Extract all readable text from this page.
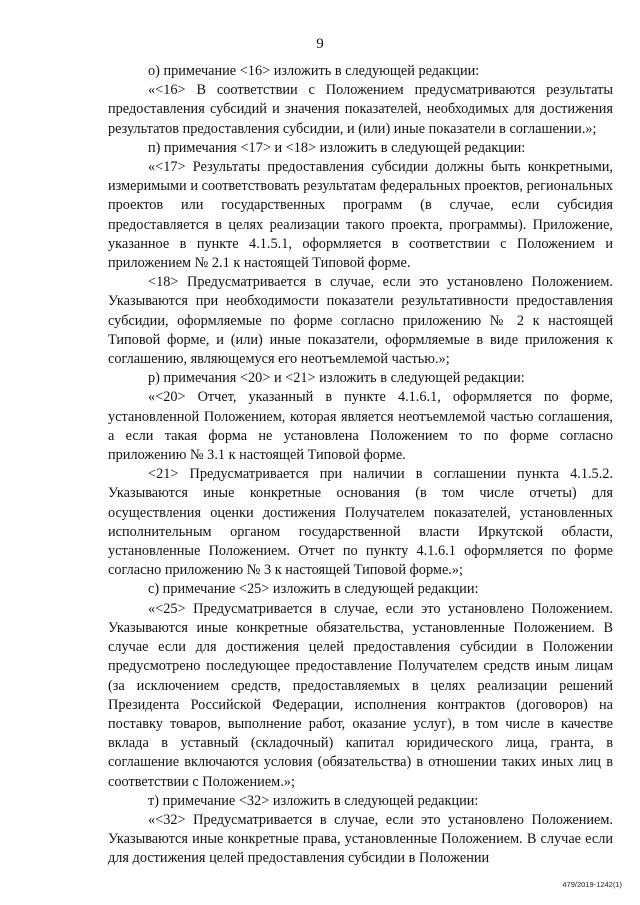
9

о) примечание <16> изложить в следующей редакции:

«<16> В соответствии с Положением предусматриваются результаты предоставления субсидий и значения показателей, необходимых для достижения результатов предоставления субсидии, и (или) иные показатели в соглашении.»;

п) примечания <17> и <18> изложить в следующей редакции:

«<17> Результаты предоставления субсидии должны быть конкретными, измеримыми и соответствовать результатам федеральных проектов, региональных проектов или государственных программ (в случае, если субсидия предоставляется в целях реализации такого проекта, программы). Приложение, указанное в пункте 4.1.5.1, оформляется в соответствии с Положением и приложением № 2.1 к настоящей Типовой форме.

<18> Предусматривается в случае, если это установлено Положением. Указываются при необходимости показатели результативности предоставления субсидии, оформляемые по форме согласно приложению № 2 к настоящей Типовой форме, и (или) иные показатели, оформляемые в виде приложения к соглашению, являющемуся его неотъемлемой частью.»;

р) примечания <20> и <21> изложить в следующей редакции:

«<20> Отчет, указанный в пункте 4.1.6.1, оформляется по форме, установленной Положением, которая является неотъемлемой частью соглашения, а если такая форма не установлена Положением то по форме согласно приложению № 3.1 к настоящей Типовой форме.

<21> Предусматривается при наличии в соглашении пункта 4.1.5.2. Указываются иные конкретные основания (в том числе отчеты) для осуществления оценки достижения Получателем показателей, установленных исполнительным органом государственной власти Иркутской области, установленные Положением. Отчет по пункту 4.1.6.1 оформляется по форме согласно приложению № 3 к настоящей Типовой форме.»;

с) примечание <25> изложить в следующей редакции:

«<25> Предусматривается в случае, если это установлено Положением. Указываются иные конкретные обязательства, установленные Положением. В случае если для достижения целей предоставления субсидии в Положении предусмотрено последующее предоставление Получателем средств иным лицам (за исключением средств, предоставляемых в целях реализации решений Президента Российской Федерации, исполнения контрактов (договоров) на поставку товаров, выполнение работ, оказание услуг), в том числе в качестве вклада в уставный (складочный) капитал юридического лица, гранта, в соглашение включаются условия (обязательства) в отношении таких иных лиц в соответствии с Положением.»;

т) примечание <32> изложить в следующей редакции:

«<32> Предусматривается в случае, если это установлено Положением. Указываются иные конкретные права, установленные Положением. В случае если для достижения целей предоставления субсидии в Положении

479/2019-1242(1)
